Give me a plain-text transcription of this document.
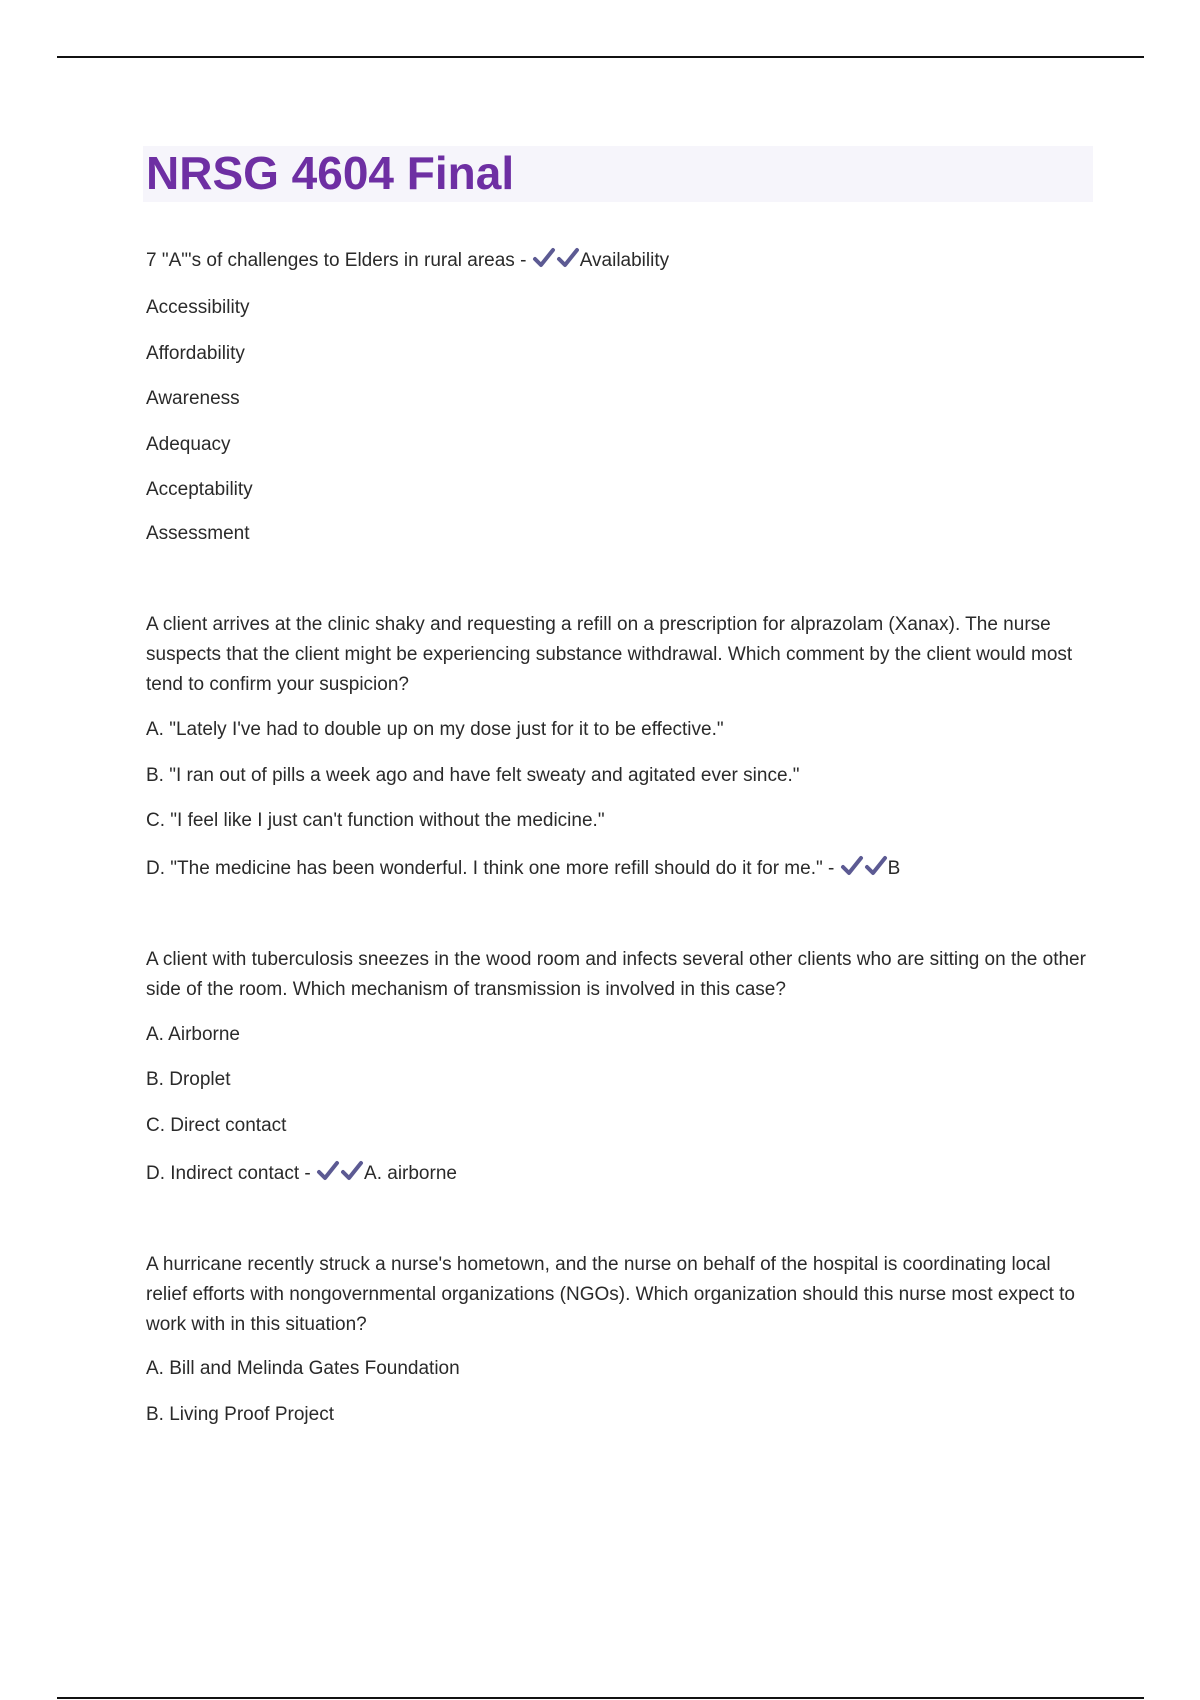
NRSG 4604 Final
7 "A"'s of challenges to Elders in rural areas -	Availability
Accessibility
Affordability
Awareness
Adequacy
Acceptability
Assessment
A client arrives at the clinic shaky and requesting a refill on a prescription for alprazolam (Xanax). The nurse suspects that the client might be experiencing substance withdrawal. Which comment by the client would most tend to confirm your suspicion?
A. "Lately I've had to double up on my dose just for it to be effective."
B. "I ran out of pills a week ago and have felt sweaty and agitated ever since."
C. "I feel like I just can't function without the medicine."
D. "The medicine has been wonderful. I think one more refill should do it for me." -	B
A client with tuberculosis sneezes in the wood room and infects several other clients who are sitting on the other side of the room. Which mechanism of transmission is involved in this case?
A. Airborne
B. Droplet
C. Direct contact
D. Indirect contact -	A. airborne
A hurricane recently struck a nurse's hometown, and the nurse on behalf of the hospital is coordinating local relief efforts with nongovernmental organizations (NGOs). Which organization should this nurse most expect to work with in this situation?
A. Bill and Melinda Gates Foundation
B. Living Proof Project
